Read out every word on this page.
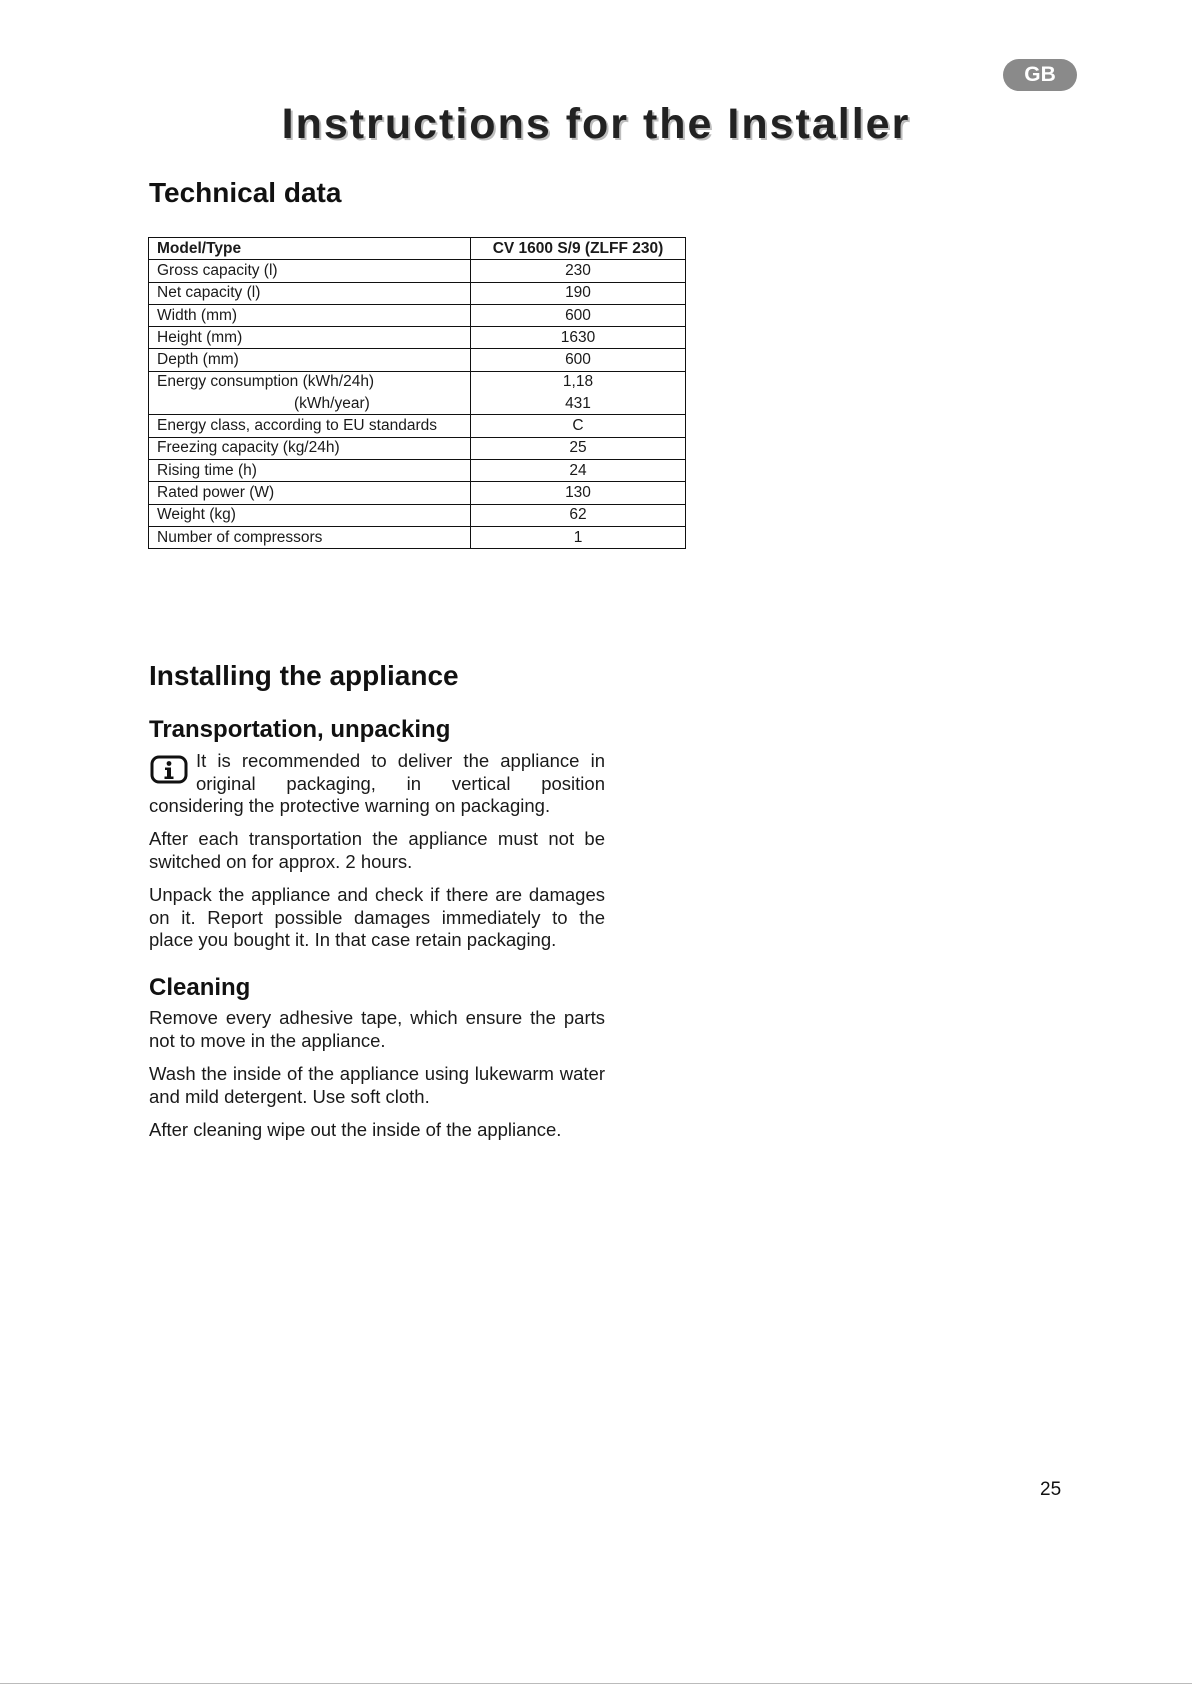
GB
Instructions for the Installer
Technical data
Model/Type	CV 1600 S/9 (ZLFF 230)
Gross capacity (l)	230
Net capacity (l)	190
Width (mm)	600
Height (mm)	1630
Depth (mm)	600
Energy consumption (kWh/24h)	1,18
(kWh/year)	431
Energy class, according to EU standards	C
Freezing capacity (kg/24h)	25
Rising time (h)	24
Rated power (W)	130
Weight (kg)	62
Number of compressors	1
Installing the appliance
Transportation, unpacking

It is recommended to deliver the appliance in
original packaging, in vertical position

considering the protective warning on packaging.

After each transportation the appliance must not be switched on for approx. 2 hours.

Unpack the appliance and check if there are damages on it. Report possible damages immediately to the place you bought it. In that case retain packaging.

Cleaning

Remove every adhesive tape, which ensure the parts not to move in the appliance.

Wash the inside of the appliance using lukewarm water and mild detergent. Use soft cloth.

After cleaning wipe out the inside of the appliance.

25
